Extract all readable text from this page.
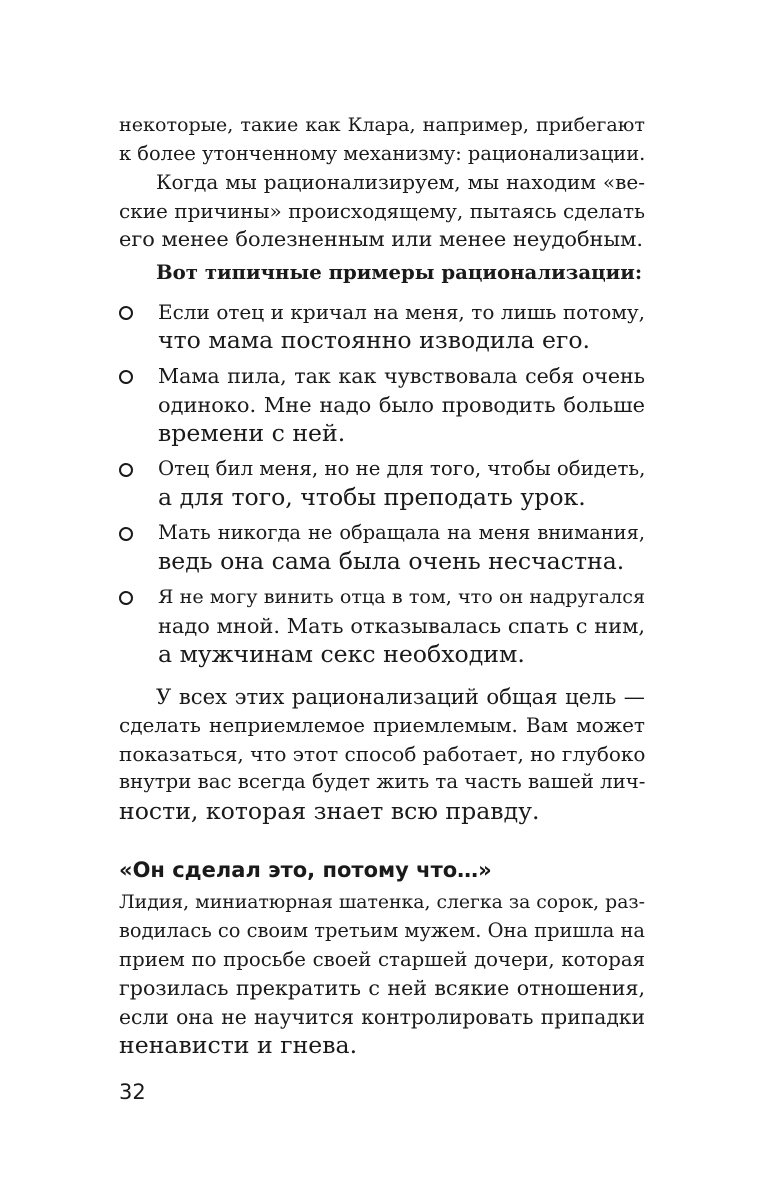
некоторые, такие как Клара, например, прибегают
к более утонченному механизму: рационализации.
Когда мы рационализируем, мы находим «ве-
ские причины» происходящему, пытаясь сделать
его менее болезненным или менее неудобным.
Вот типичные примеры рационализации:
Если отец и кричал на меня, то лишь потому,
что мама постоянно изводила его.
Мама пила, так как чувствовала себя очень
одиноко. Мне надо было проводить больше
времени с ней.
Отец бил меня, но не для того, чтобы обидеть,
а для того, чтобы преподать урок.
Мать никогда не обращала на меня внимания,
ведь она сама была очень несчастна.
Я не могу винить отца в том, что он надругался
надо мной. Мать отказывалась спать с ним,
а мужчинам секс необходим.
У всех этих рационализаций общая цель —
сделать неприемлемое приемлемым. Вам может
показаться, что этот способ работает, но глубоко
внутри вас всегда будет жить та часть вашей лич-
ности, которая знает всю правду.
«Он сделал это, потому что…»
Лидия, миниатюрная шатенка, слегка за сорок, раз-
водилась со своим третьим мужем. Она пришла на
прием по просьбе своей старшей дочери, которая
грозилась прекратить с ней всякие отношения,
если она не научится контролировать припадки
ненависти и гнева.
32
